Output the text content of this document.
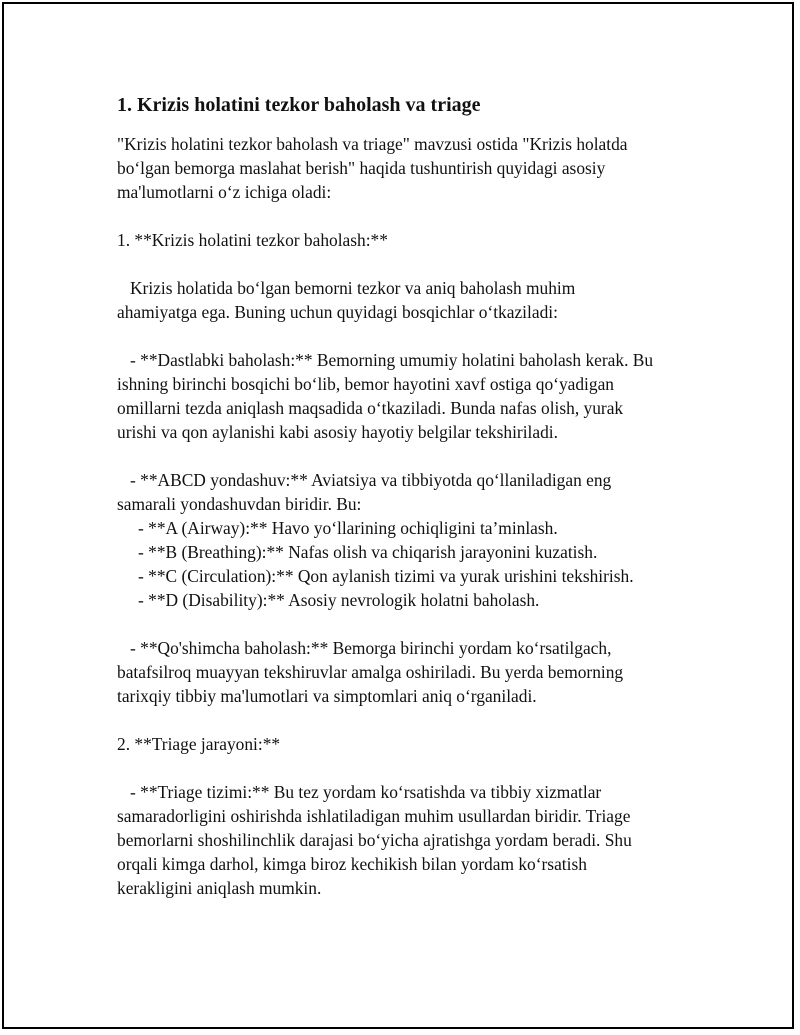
1. Krizis holatini tezkor baholash va triage
"Krizis holatini tezkor baholash va triage" mavzusi ostida "Krizis holatda
boʻlgan bemorga maslahat berish" haqida tushuntirish quyidagi asosiy
ma'lumotlarni oʻz ichiga oladi:
1. **Krizis holatini tezkor baholash:**
Krizis holatida boʻlgan bemorni tezkor va aniq baholash muhim
ahamiyatga ega. Buning uchun quyidagi bosqichlar oʻtkaziladi:
- **Dastlabki baholash:** Bemorning umumiy holatini baholash kerak. Bu
ishning birinchi bosqichi boʻlib, bemor hayotini xavf ostiga qoʻyadigan
omillarni tezda aniqlash maqsadida oʻtkaziladi. Bunda nafas olish, yurak
urishi va qon aylanishi kabi asosiy hayotiy belgilar tekshiriladi.
- **ABCD yondashuv:** Aviatsiya va tibbiyotda qoʻllaniladigan eng
samarali yondashuvdan biridir. Bu:
- **A (Airway):** Havo yoʻllarining ochiqligini ta’minlash.
- **B (Breathing):** Nafas olish va chiqarish jarayonini kuzatish.
- **C (Circulation):** Qon aylanish tizimi va yurak urishini tekshirish.
- **D (Disability):** Asosiy nevrologik holatni baholash.
- **Qo'shimcha baholash:** Bemorga birinchi yordam koʻrsatilgach,
batafsilroq muayyan tekshiruvlar amalga oshiriladi. Bu yerda bemorning
tarixqiy tibbiy ma'lumotlari va simptomlari aniq oʻrganiladi.
2. **Triage jarayoni:**
- **Triage tizimi:** Bu tez yordam koʻrsatishda va tibbiy xizmatlar
samaradorligini oshirishda ishlatiladigan muhim usullardan biridir. Triage
bemorlarni shoshilinchlik darajasi boʻyicha ajratishga yordam beradi. Shu
orqali kimga darhol, kimga biroz kechikish bilan yordam koʻrsatish
kerakligini aniqlash mumkin.
